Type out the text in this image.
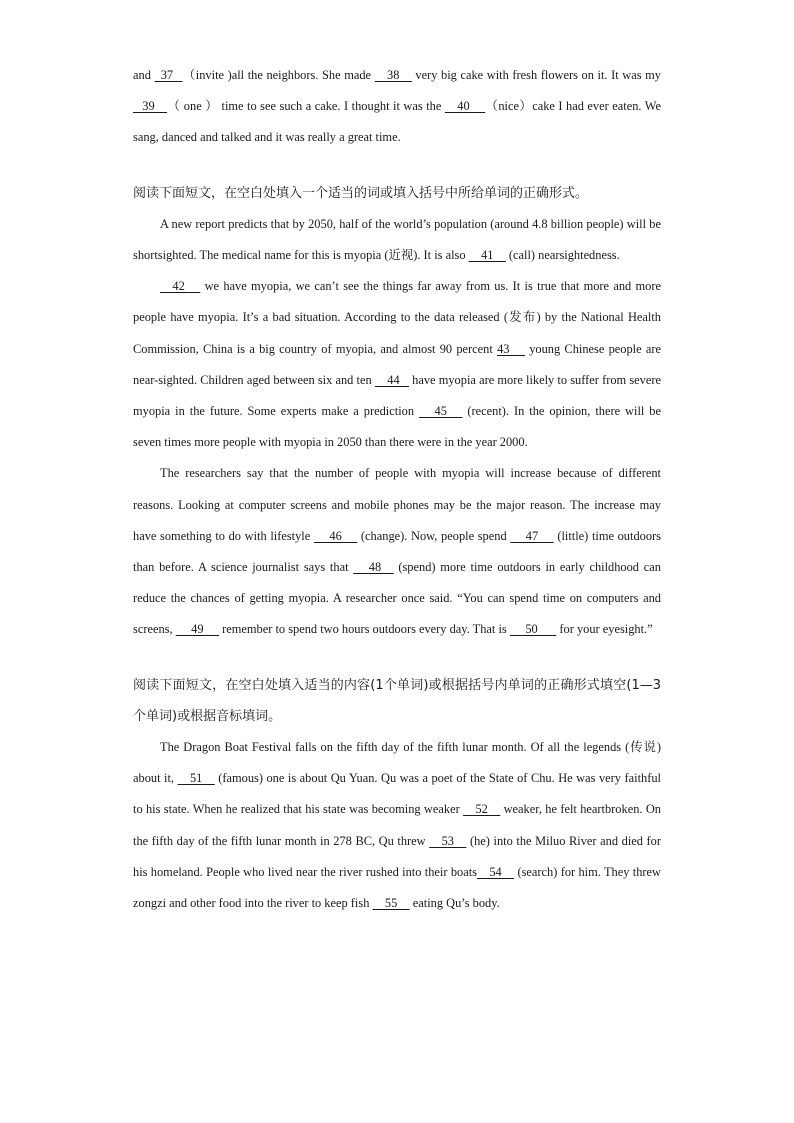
and   37   （invite )all the neighbors. She made     38     very big cake with fresh flowers on it. It was my    39    （ one ） time to see such a cake. I thought it was the     40     （nice）cake I had ever eaten. We sang, danced and talked and it was really a great time.

阅读下面短文，在空白处填入一个适当的词或填入括号中所给单词的正确形式。

A new report predicts that by 2050, half of the world’s population (around 4.8 billion people) will be shortsighted. The medical name for this is myopia (近视). It is also     41     (call) nearsightedness.

42      we have myopia, we can’t see the things far away from us. It is true that more and more people have myopia. It’s a bad situation. According to the data released (发布) by the National Health Commission, China is a big country of myopia, and almost 90 percent 43      young Chinese people are near-sighted. Children aged between six and ten     44    have myopia are more likely to suffer from severe myopia in the future. Some experts make a prediction      45      (recent). In the opinion, there will be seven times more people with myopia in 2050 than there were in the year 2000.

The researchers say that the number of people with myopia will increase because of different reasons. Looking at computer screens and mobile phones may be the major reason. The increase may have something to do with lifestyle      46      (change). Now, people spend      47      (little) time outdoors than before. A science journalist says that      48     (spend) more time outdoors in early childhood can reduce the chances of getting myopia. A researcher once said. “You can spend time on computers and screens,      49      remember to spend two hours outdoors every day. That is      50       for your eyesight.”

阅读下面短文，在空白处填入适当的内容(1个单词)或根据括号内单词的正确形式填空(1—3个单词)或根据音标填词。

The Dragon Boat Festival falls on the fifth day of the fifth lunar month. Of all the legends (传说) about it,     51     (famous) one is about Qu Yuan. Qu was a poet of the State of Chu. He was very faithful to his state. When he realized that his state was becoming weaker     52     weaker, he felt heartbroken. On the fifth day of the fifth lunar month in 278 BC, Qu threw     53     (he) into the Miluo River and died for his homeland. People who lived near the river rushed into their boats    54     (search) for him. They threw zongzi and other food into the river to keep fish     55     eating Qu’s body.
